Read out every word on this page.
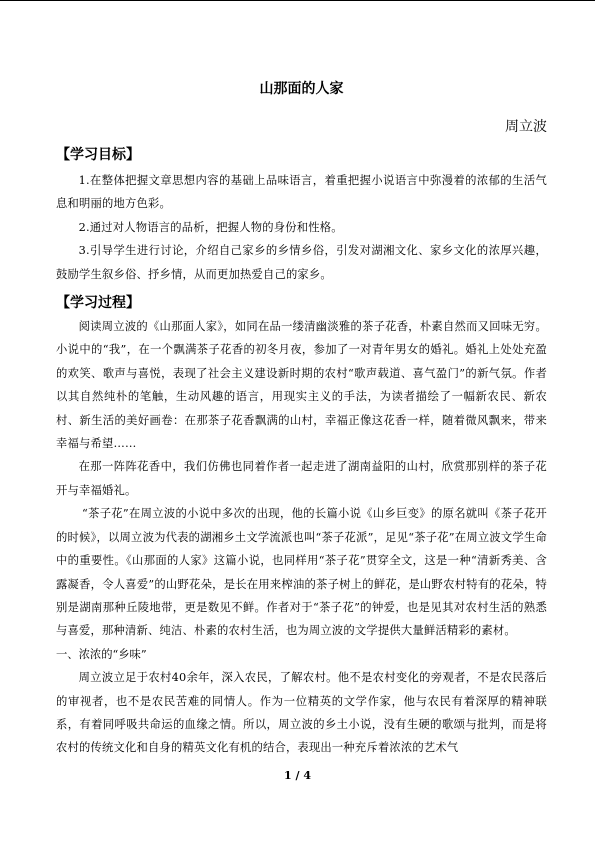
山那面的人家
周立波
【学习目标】

1.在整体把握文章思想内容的基础上品味语言，着重把握小说语言中弥漫着的浓郁的生活气息和明丽的地方色彩。

2.通过对人物语言的品析，把握人物的身份和性格。

3.引导学生进行讨论，介绍自己家乡的乡情乡俗，引发对湖湘文化、家乡文化的浓厚兴趣，鼓励学生叙乡俗、抒乡情，从而更加热爱自己的家乡。

【学习过程】

阅读周立波的《山那面人家》，如同在品一缕清幽淡雅的茶子花香，朴素自然而又回味无穷。小说中的“我”，在一个飘满茶子花香的初冬月夜，参加了一对青年男女的婚礼。婚礼上处处充盈的欢笑、歌声与喜悦，表现了社会主义建设新时期的农村“歌声载道、喜气盈门”的新气氛。作者以其自然纯朴的笔触，生动风趣的语言，用现实主义的手法，为读者描绘了一幅新农民、新农村、新生活的美好画卷：在那茶子花香飘满的山村，幸福正像这花香一样，随着微风飘来，带来幸福与希望……

在那一阵阵花香中，我们仿佛也同着作者一起走进了湖南益阳的山村，欣赏那别样的茶子花开与幸福婚礼。

“茶子花”在周立波的小说中多次的出现，他的长篇小说《山乡巨变》的原名就叫《茶子花开的时候》，以周立波为代表的湖湘乡土文学流派也叫“茶子花派”，足见“茶子花”在周立波文学生命中的重要性。《山那面的人家》这篇小说，也同样用“茶子花”贯穿全文，这是一种“清新秀美、含露凝香，令人喜爱”的山野花朵，是长在用来榨油的茶子树上的鲜花，是山野农村特有的花朵，特别是湖南那种丘陵地带，更是数见不鲜。作者对于“茶子花”的钟爱，也是见其对农村生活的熟悉与喜爱，那种清新、纯洁、朴素的农村生活，也为周立波的文学提供大量鲜活精彩的素材。

一、浓浓的“乡味”

周立波立足于农村40余年，深入农民，了解农村。他不是农村变化的旁观者，不是农民落后的审视者，也不是农民苦难的同情人。作为一位精英的文学作家，他与农民有着深厚的精神联系，有着同呼吸共命运的血缘之情。所以，周立波的乡土小说，没有生硬的歌颂与批判，而是将农村的传统文化和自身的精英文化有机的结合，表现出一种充斥着浓浓的艺术气

1 / 4
